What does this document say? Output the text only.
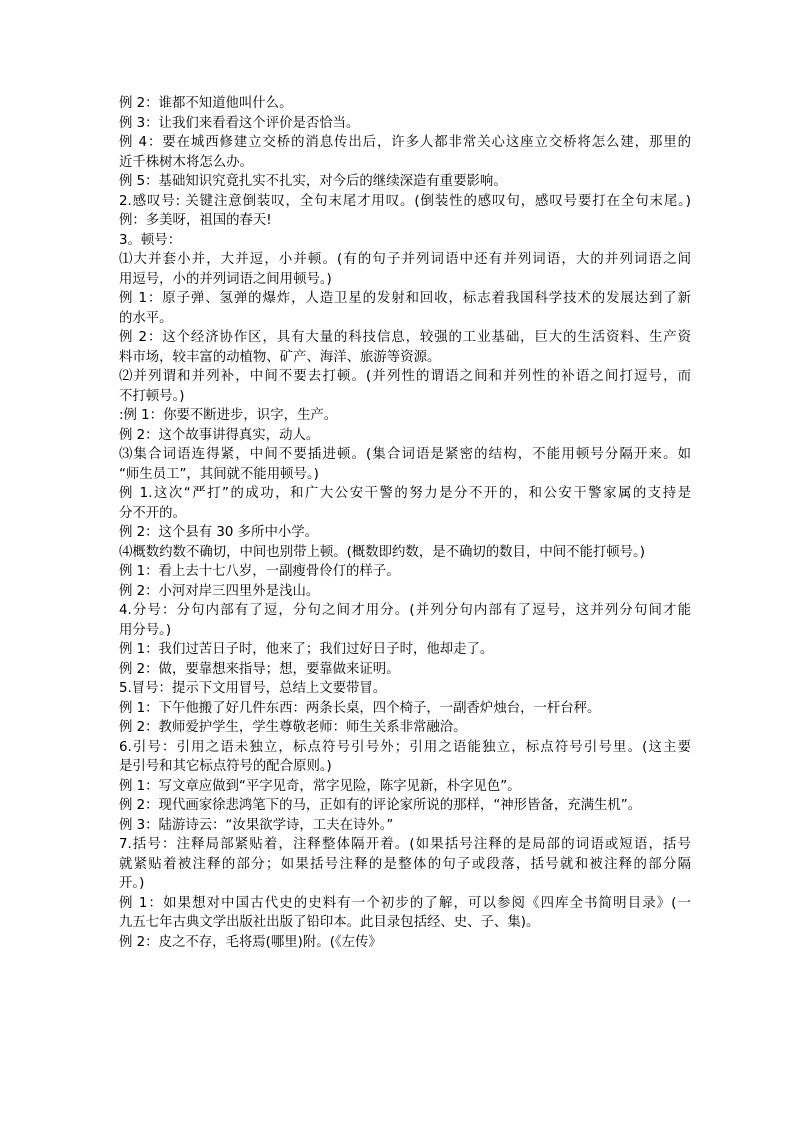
例 2：谁都不知道他叫什么。
例 3：让我们来看看这个评价是否恰当。
例 4：要在城西修建立交桥的消息传出后，许多人都非常关心这座立交桥将怎么建，那里的
近千株树木将怎么办。
例 5：基础知识究竟扎实不扎实，对今后的继续深造有重要影响。
2.感叹号: 关键注意倒装叹，全句末尾才用叹。(倒装性的感叹句，感叹号要打在全句末尾。)
例：多美呀，祖国的春天!
3。顿号：
⑴大并套小并，大并逗，小并顿。(有的句子并列词语中还有并列词语，大的并列词语之间
用逗号，小的并列词语之间用顿号。)
例 1：原子弹、氢弹的爆炸，人造卫星的发射和回收，标志着我国科学技术的发展达到了新
的水平。
例 2：这个经济协作区，具有大量的科技信息，较强的工业基础，巨大的生活资料、生产资
料市场，较丰富的动植物、矿产、海洋、旅游等资源。
⑵并列谓和并列补，中间不要去打顿。(并列性的谓语之间和并列性的补语之间打逗号，而
不打顿号。)
:例 1：你要不断进步，识字，生产。
例 2：这个故事讲得真实，动人。
⑶集合词语连得紧，中间不要插进顿。(集合词语是紧密的结构，不能用顿号分隔开来。如
“师生员工”，其间就不能用顿号。)
例 1.这次“严打”的成功，和广大公安干警的努力是分不开的，和公安干警家属的支持是
分不开的。
例 2：这个县有 30 多所中小学。
⑷概数约数不确切，中间也别带上顿。(概数即约数，是不确切的数目，中间不能打顿号。)
例 1：看上去十七八岁，一副瘦骨伶仃的样子。
例 2：小河对岸三四里外是浅山。
4.分号：分句内部有了逗，分句之间才用分。(并列分句内部有了逗号，这并列分句间才能
用分号。)
例 1：我们过苦日子时，他来了；我们过好日子时，他却走了。
例 2：做，要靠想来指导；想，要靠做来证明。
5.冒号：提示下文用冒号，总结上文要带冒。
例 1：下午他搬了好几件东西：两条长桌，四个椅子，一副香炉烛台，一杆台秤。
例 2：教师爱护学生，学生尊敬老师：师生关系非常融洽。
6.引号：引用之语未独立，标点符号引号外；引用之语能独立，标点符号引号里。(这主要
是引号和其它标点符号的配合原则。)
例 1：写文章应做到“平字见奇，常字见险，陈字见新，朴字见色”。
例 2：现代画家徐悲鸿笔下的马，正如有的评论家所说的那样，“神形皆备，充满生机”。
例 3：陆游诗云：“汝果欲学诗，工夫在诗外。”
7.括号：注释局部紧贴着，注释整体隔开着。(如果括号注释的是局部的词语或短语，括号
就紧贴着被注释的部分；如果括号注释的是整体的句子或段落，括号就和被注释的部分隔
开。)
例 1：如果想对中国古代史的史料有一个初步的了解，可以参阅《四库全书简明目录》(一
九五七年古典文学出版社出版了铅印本。此目录包括经、史、子、集)。
例 2：皮之不存，毛将焉(哪里)附。(《左传》
